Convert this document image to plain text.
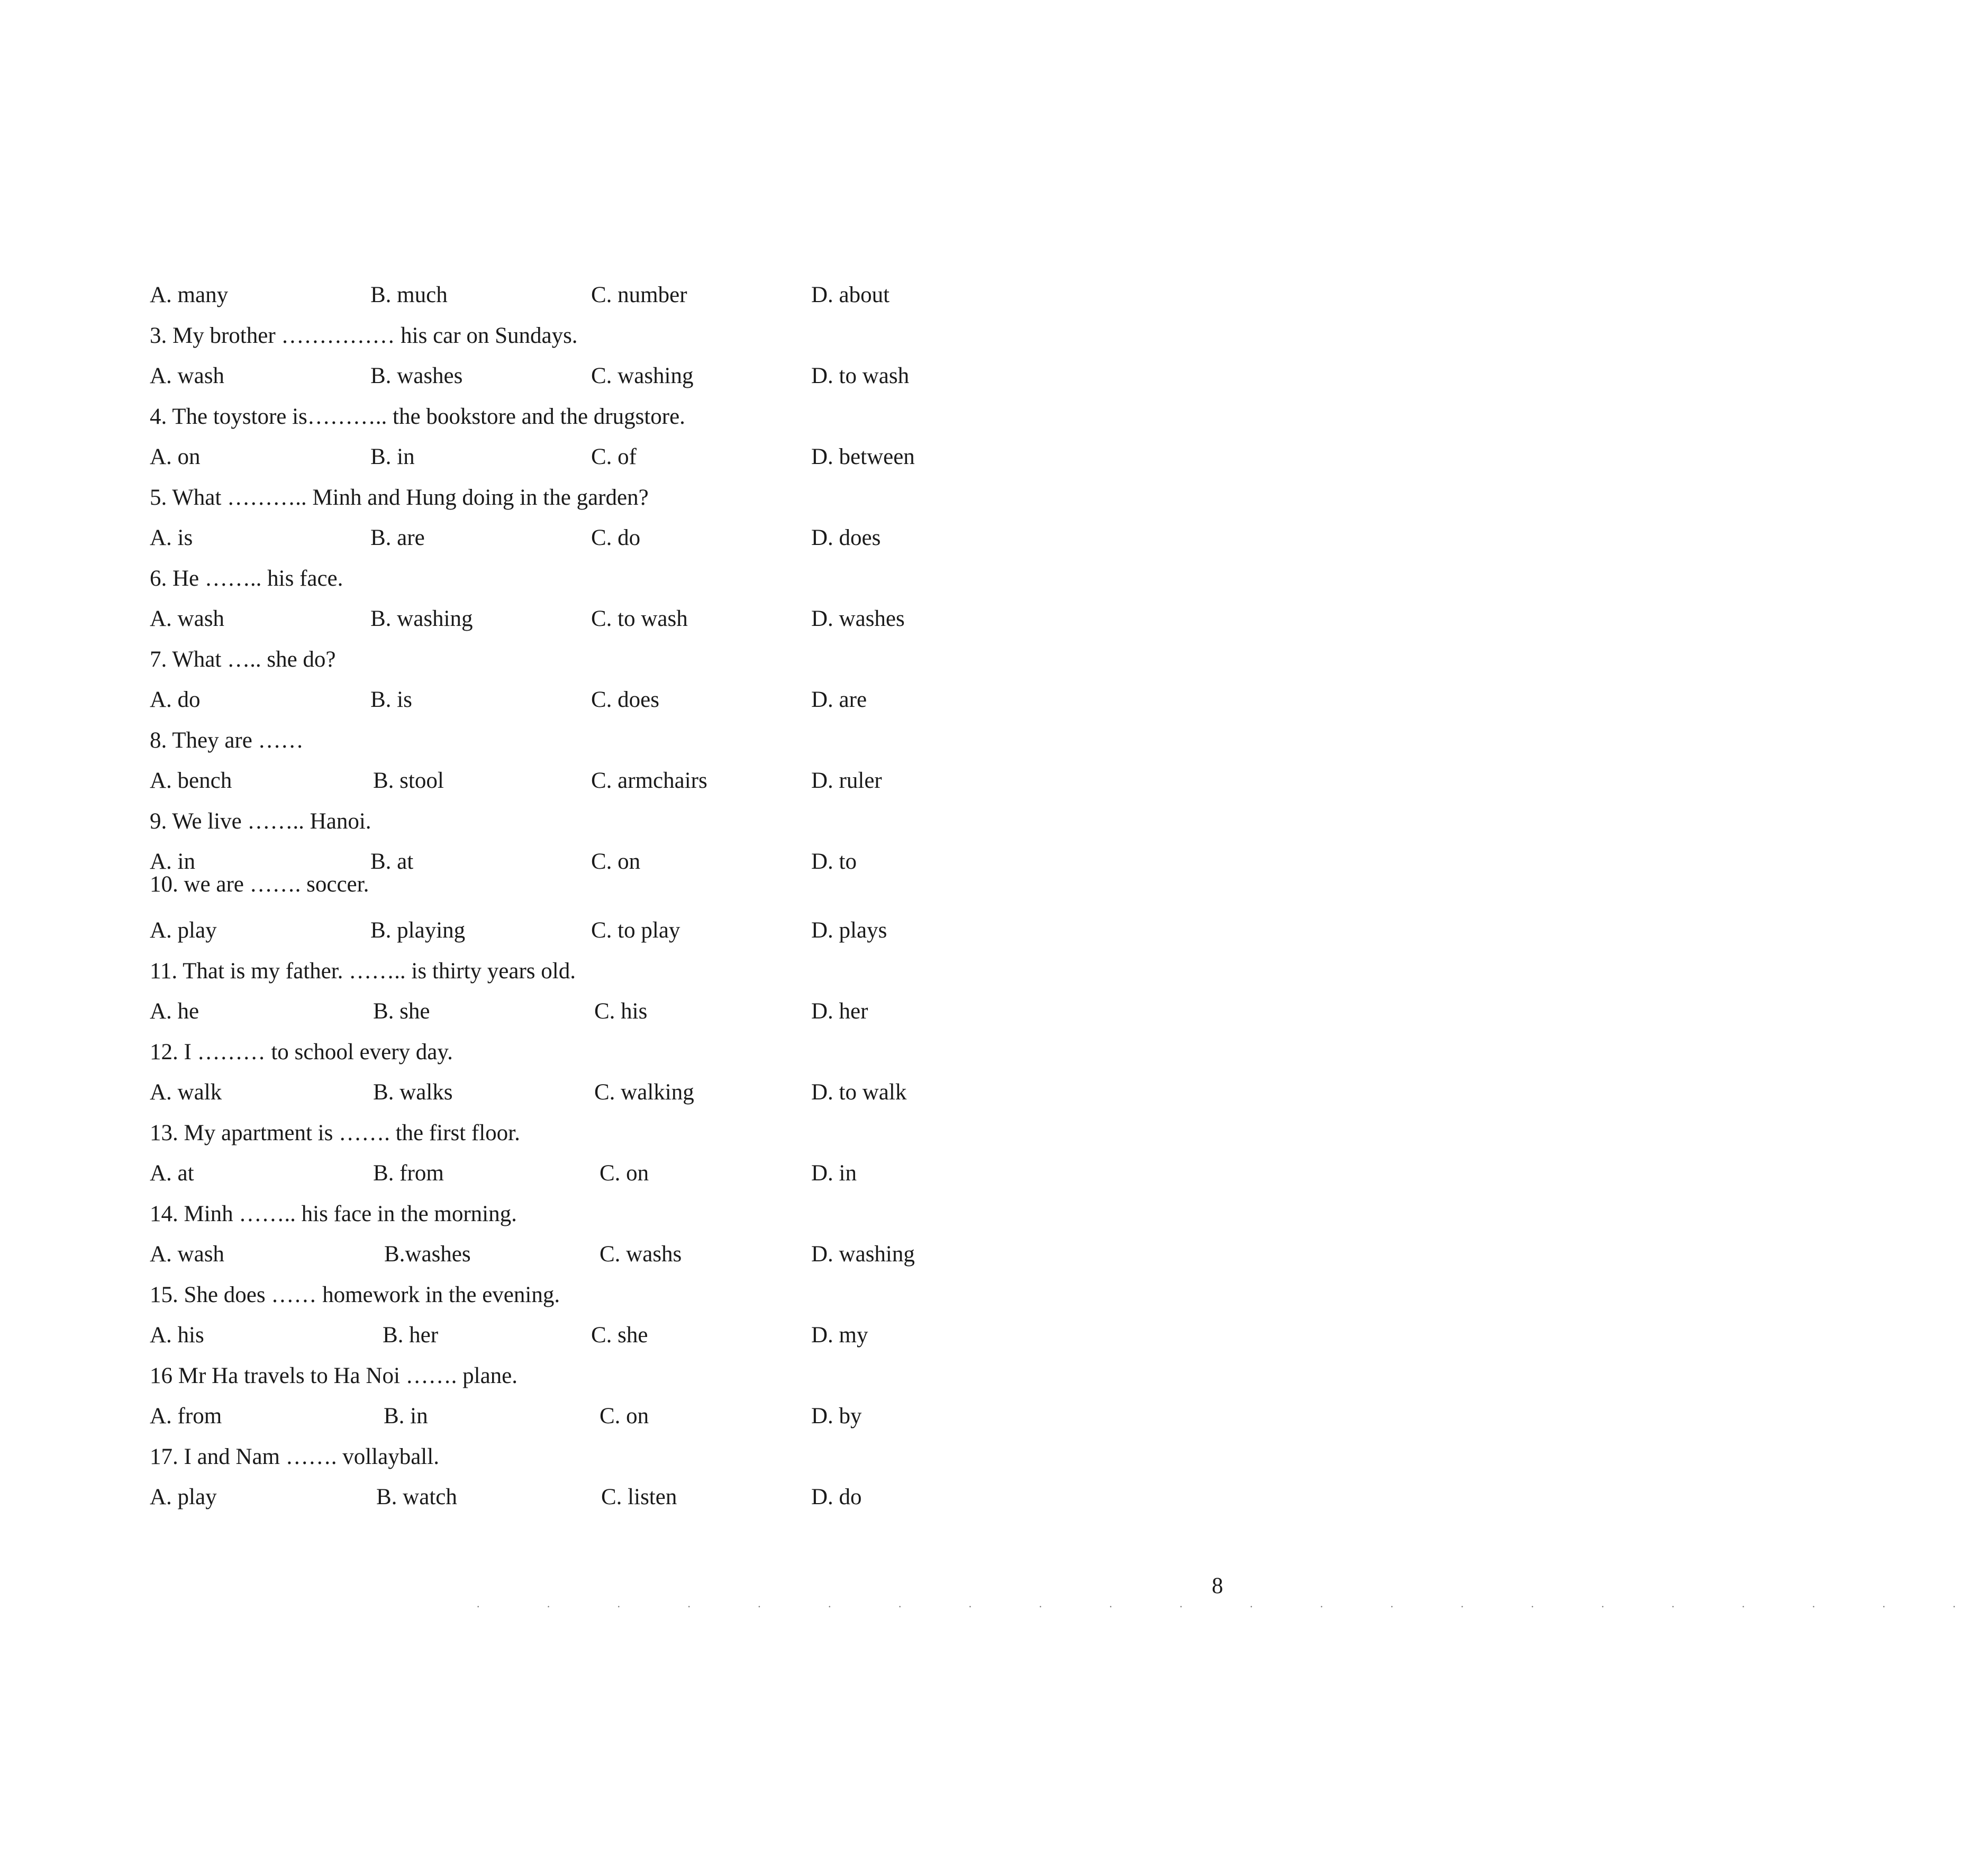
A. many	B. much	C. number	D. about
3. My brother …………… his car on Sundays.
A. wash	B. washes	C. washing	D. to wash
4. The toystore is……….. the bookstore and the drugstore.
A. on	B. in	C. of	D. between
5. What ……….. Minh and Hung doing in the garden?
A. is	B. are	C. do	D. does
6. He …….. his face.
A. wash	B. washing	C. to wash	D. washes
7. What ….. she do?
A. do	B. is	C. does	D. are
8. They are ……
A. bench	B. stool	C. armchairs	D. ruler
9. We live …….. Hanoi.
A. in	B. at	C. on	D. to
10. we are ……. soccer.
A. play	B. playing	C. to play	D. plays
11. That is my father. …….. is thirty years old.
A. he	B. she	C. his	D. her
12. I ……… to school every day.
A. walk	B. walks	C. walking	D. to walk
13. My apartment is ……. the first floor.
A. at	B. from	C. on	D. in
14. Minh …….. his face in the morning.
A. wash	B.washes	C. washs	D. washing
15. She does …… homework in the evening.
A. his	B. her	C. she	D. my
16 Mr Ha travels to Ha Noi ……. plane.
A. from	B. in	C. on	D. by
17. I and Nam ……. vollayball.
A. play	B. watch	C. listen	D. do
8
· · · · · · · · · · · · · · · · · · · · · ·
